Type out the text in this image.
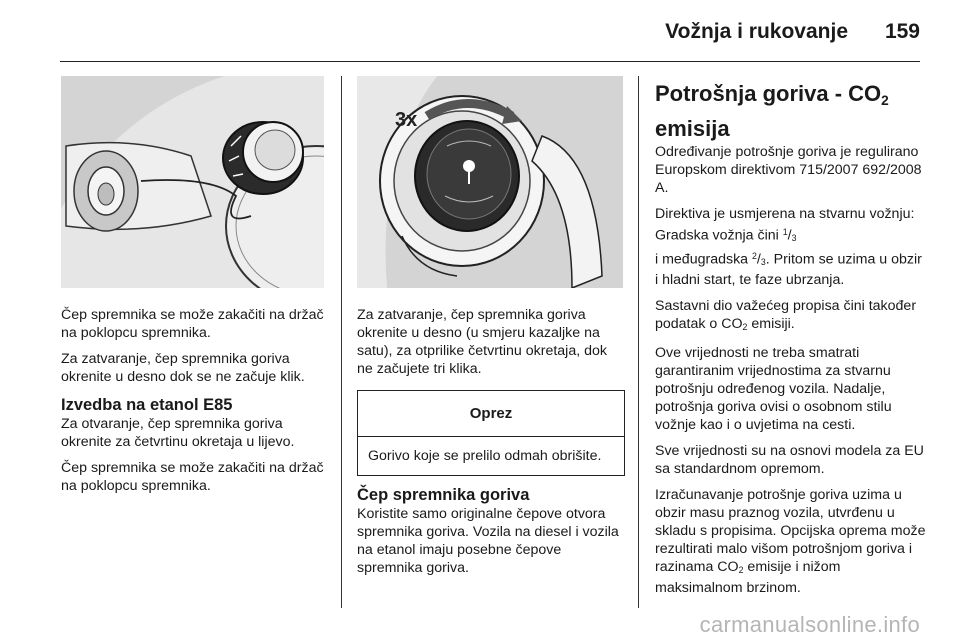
Vožnja i rukovanje 159
3x

Čep spremnika se može zakačiti na držač na poklopcu spremnika.

Za zatvaranje, čep spremnika goriva okrenite u desno dok se ne začuje klik.

Izvedba na etanol E85

Za otvaranje, čep spremnika goriva okrenite za četvrtinu okretaja u lijevo.

Čep spremnika se može zakačiti na držač na poklopcu spremnika.

Za zatvaranje, čep spremnika goriva okrenite u desno (u smjeru kazaljke na satu), za otprilike četvrtinu okretaja, dok ne začujete tri klika.

Oprez
Gorivo koje se prelilo odmah obrišite.
Čep spremnika goriva

Koristite samo originalne čepove otvora spremnika goriva. Vozila na diesel i vozila na etanol imaju posebne čepove spremnika goriva.

Potrošnja goriva - $CO_2$
emisija

Određivanje potrošnje goriva je regulirano Europskom direktivom 715/2007 692/2008 A.

Direktiva je usmjerena na stvarnu vožnju: Gradska vožnja čini $^1$/3
i međugradska $^2$/3. Pritom se uzima u obzir i hladni start, te faze ubrzanja.

Sastavni dio važećeg propisa čini također podatak o CO2 emisiji.

Ove vrijednosti ne treba smatrati garantiranim vrijednostima za stvarnu potrošnju određenog vozila. Nadalje, potrošnja goriva ovisi o osobnom stilu vožnje kao i o uvjetima na cesti.

Sve vrijednosti su na osnovi modela za EU sa standardnom opremom.

Izračunavanje potrošnje goriva uzima u obzir masu praznog vozila, utvrđenu u skladu s propisima. Opcijska oprema može rezultirati malo višom potrošnjom goriva i razinama CO2 emisije i nižom maksimalnom brzinom.

carmanualsonline.info
